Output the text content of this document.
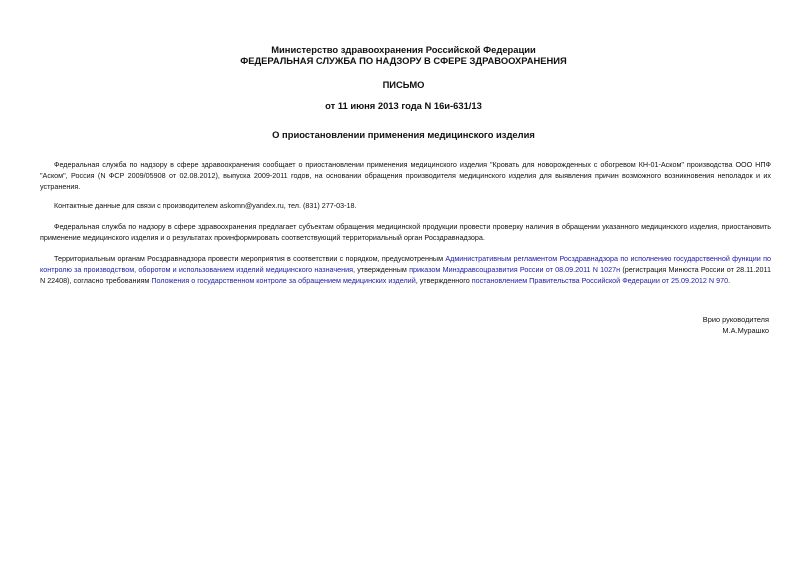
Министерство здравоохранения Российской Федерации
ФЕДЕРАЛЬНАЯ СЛУЖБА ПО НАДЗОРУ В СФЕРЕ ЗДРАВООХРАНЕНИЯ
ПИСЬМО
от 11 июня 2013 года N 16и-631/13
О приостановлении применения медицинского изделия
Федеральная служба по надзору в сфере здравоохранения сообщает о приостановлении применения медицинского изделия "Кровать для новорожденных с обогревом КН-01-Аском" производства ООО НПФ "Аском", Россия (N ФСР 2009/05908 от 02.08.2012), выпуска 2009-2011 годов, на основании обращения производителя медицинского изделия для выявления причин возможного возникновения неполадок и их устранения.
Контактные данные для связи с производителем askomn@yandex.ru, тел. (831) 277-03-18.
Федеральная служба по надзору в сфере здравоохранения предлагает субъектам обращения медицинской продукции провести проверку наличия в обращении указанного медицинского изделия, приостановить применение медицинского изделия и о результатах проинформировать соответствующий территориальный орган Росздравнадзора.
Территориальным органам Росздравнадзора провести мероприятия в соответствии с порядком, предусмотренным Административным регламентом Росздравнадзора по исполнению государственной функции по контролю за производством, оборотом и использованием изделий медицинского назначения, утвержденным приказом Минздравсоцразвития России от 08.09.2011 N 1027н (регистрация Минюста России от 28.11.2011 N 22408), согласно требованиям Положения о государственном контроле за обращением медицинских изделий, утвержденного постановлением Правительства Российской Федерации от 25.09.2012 N 970.
Врио руководителя
М.А.Мурашко
